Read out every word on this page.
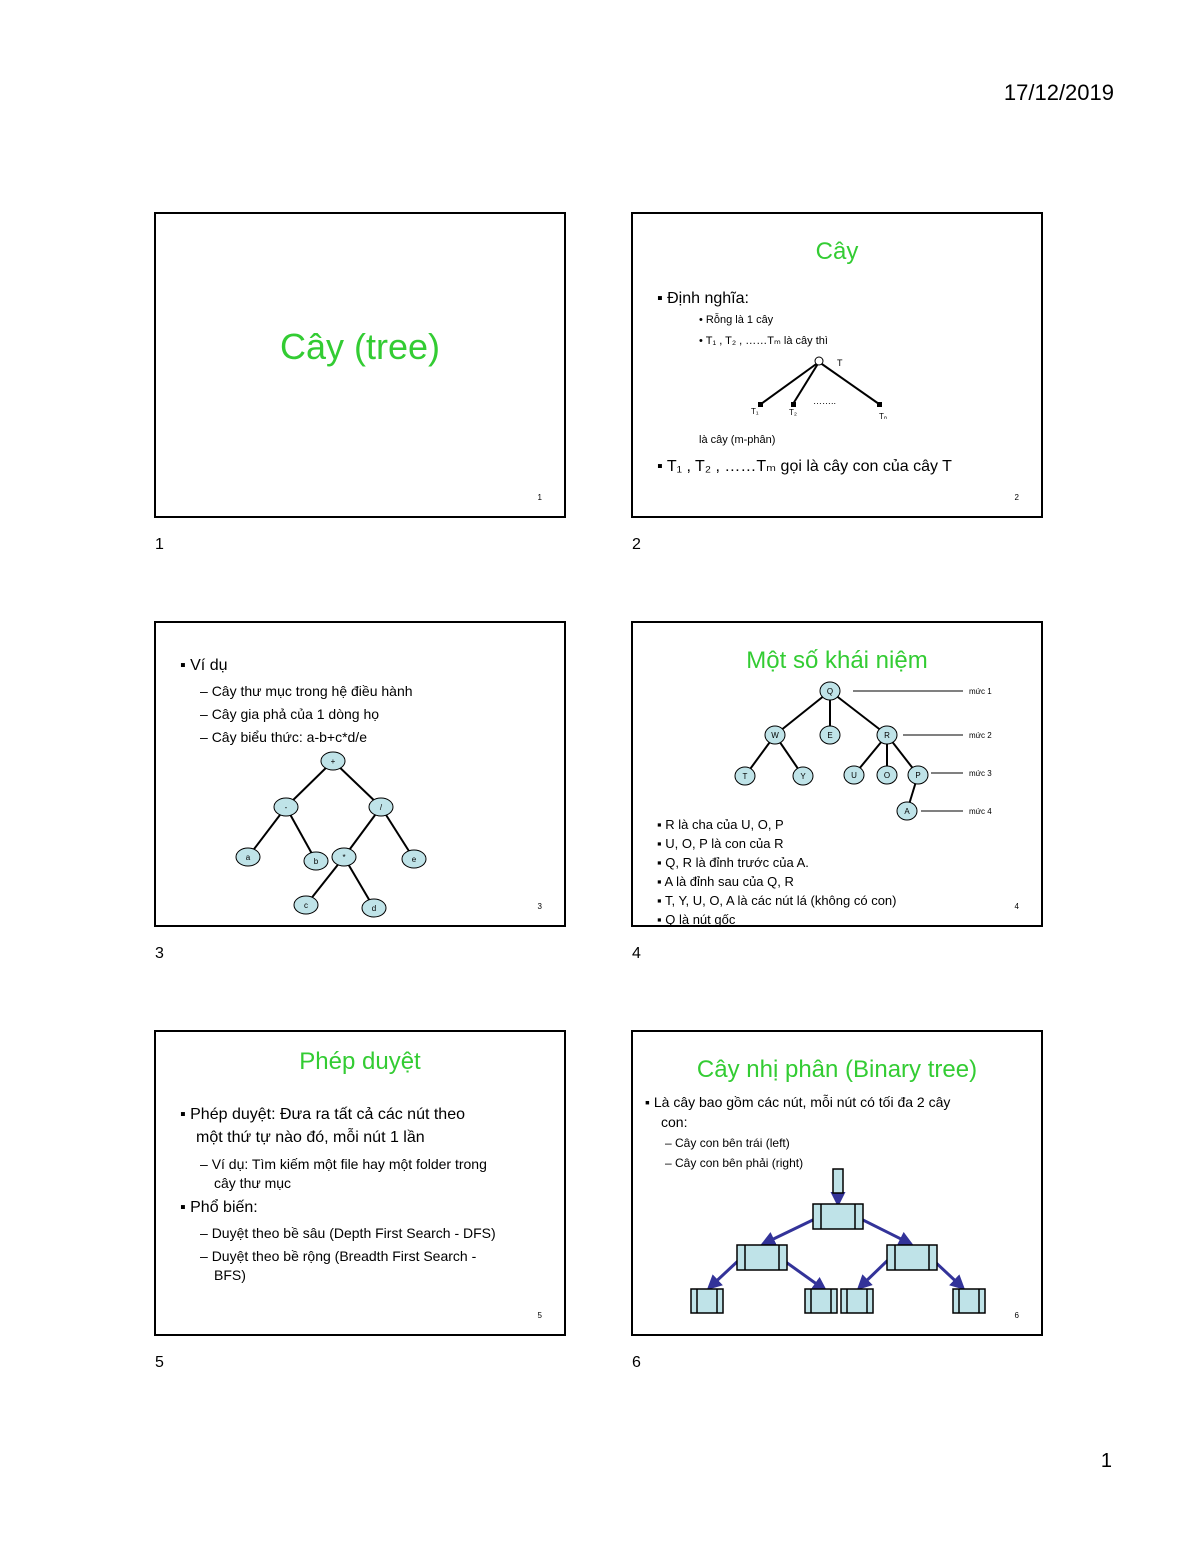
17/12/2019
Cây (tree)
1
1
Cây
▪ Định nghĩa:
• Rỗng là 1 cây
• T₁ , T₂ , ……Tₘ là cây thì
T
T₁	T₂
……..
Tₙ
là cây (m-phân)
▪ T₁ , T₂ , ……Tₘ gọi là cây con của cây T
2
2
▪ Ví dụ
– Cây thư mục trong hệ điều hành
– Cây gia phả của 1 dòng họ
– Cây biểu thức: a-b+c*d/e
+
-	/
a	b	*	e
c	d	3
3
Một số khái niệm
Q
W	E	R
T	Y	U	O	P
A
mức 1
mức 2
mức 3
mức 4
▪ R là cha của U, O, P
▪ U, O, P là con của R
▪ Q, R là đỉnh trước của A.
▪ A là đỉnh sau của Q, R
▪ T, Y, U, O, A là các nút lá (không có con)
▪ Q là nút gốc
4
4
Phép duyệt
▪ Phép duyệt: Đưa ra tất cả các nút theo
một thứ tự nào đó, mỗi nút 1 lần
– Ví dụ: Tìm kiếm một file hay một folder trong
cây thư mục
▪ Phổ biến:
– Duyệt theo bề sâu (Depth First Search - DFS)
– Duyệt theo bề rộng (Breadth First Search -
BFS)
5
5
Cây nhị phân (Binary tree)
▪ Là cây bao gồm các nút, mỗi nút có tối đa 2 cây
con:
– Cây con bên trái (left)
– Cây con bên phải (right)
6
6
1
